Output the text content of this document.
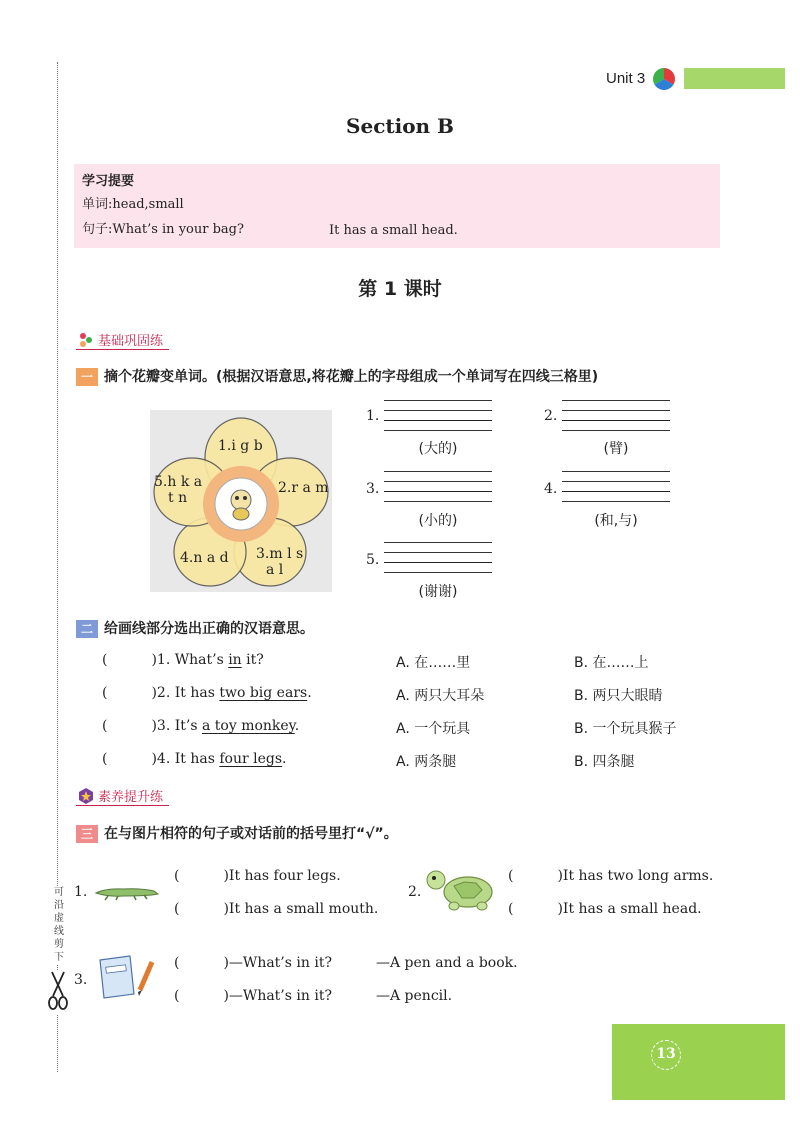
可
沿
虚
线
剪
下
Unit 3
Section B
学习提要
单词:head,small
句子:What’s in your bag?	It has a small head.
第 1 课时
基础巩固练
一 摘个花瓣变单词。(根据汉语意思,将花瓣上的字母组成一个单词写在四线三格里)
1.i g b
2.r a m
3.m l s
a l
4.n a d
5.h k a
t n
1.
(大的)
2.
(臂)
3.
(小的)
4.
(和,与)
5.
(谢谢)
二 给画线部分选出正确的汉语意思。
(	)1. What’s in it?	A. 在……里	B. 在……上
(	)2. It has two big ears.	A. 两只大耳朵	B. 两只大眼睛
(	)3. It’s a toy monkey.	A. 一个玩具	B. 一个玩具猴子
(	)4. It has four legs.	A. 两条腿	B. 四条腿
素养提升练
三 在与图片相符的句子或对话前的括号里打“√”。
1.
(	)It has four legs.
(	)It has a small mouth.
2.
(	)It has two long arms.
(	)It has a small head.
3.
(	)—What’s in it?	—A pen and a book.
(	)—What’s in it?	—A pencil.
13
